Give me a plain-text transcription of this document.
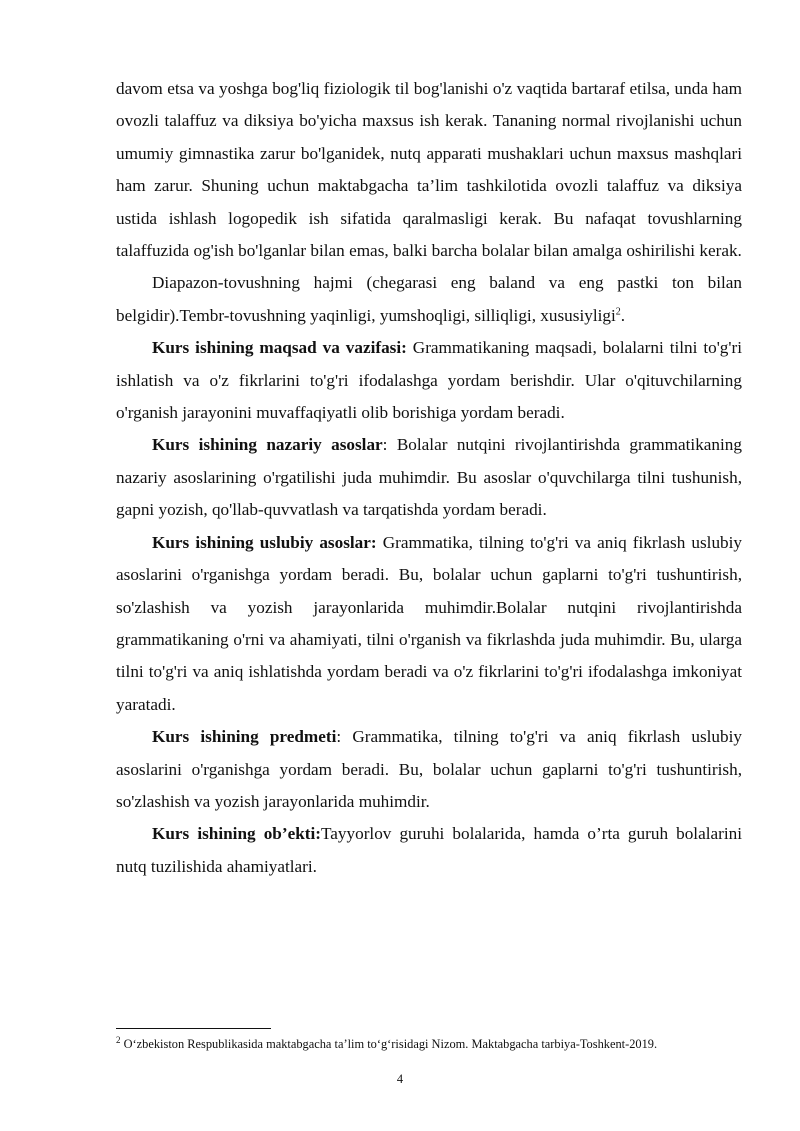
davom etsa va yoshga bog'liq fiziologik til bog'lanishi o'z vaqtida bartaraf etilsa, unda ham ovozli talaffuz va diksiya bo'yicha maxsus ish kerak. Tananing normal rivojlanishi uchun umumiy gimnastika zarur bo'lganidek, nutq apparati mushaklari uchun maxsus mashqlari ham zarur. Shuning uchun maktabgacha ta’lim tashkilotida ovozli talaffuz va diksiya ustida ishlash logopedik ish sifatida qaralmasligi kerak. Bu nafaqat tovushlarning talaffuzida og'ish bo'lganlar bilan emas, balki barcha bolalar bilan amalga oshirilishi kerak.

Diapazon-tovushning hajmi (chegarasi eng baland va eng pastki ton bilan belgidir).Tembr-tovushning yaqinligi, yumshoqligi, silliqligi, xususiyligi$^2$.

Kurs ishining maqsad va vazifasi: Grammatikaning maqsadi, bolalarni tilni to'g'ri ishlatish va o'z fikrlarini to'g'ri ifodalashga yordam berishdir. Ular o'qituvchilarning o'rganish jarayonini muvaffaqiyatli olib borishiga yordam beradi.

Kurs ishining nazariy asoslar: Bolalar nutqini rivojlantirishda grammatikaning nazariy asoslarining o'rgatilishi juda muhimdir. Bu asoslar o'quvchilarga tilni tushunish, gapni yozish, qo'llab-quvvatlash va tarqatishda yordam beradi.

Kurs ishining uslubiy asoslar: Grammatika, tilning to'g'ri va aniq fikrlash uslubiy asoslarini o'rganishga yordam beradi. Bu, bolalar uchun gaplarni to'g'ri tushuntirish, so'zlashish va yozish jarayonlarida muhimdir.Bolalar nutqini rivojlantirishda grammatikaning o'rni va ahamiyati, tilni o'rganish va fikrlashda juda muhimdir. Bu, ularga tilni to'g'ri va aniq ishlatishda yordam beradi va o'z fikrlarini to'g'ri ifodalashga imkoniyat yaratadi.

Kurs ishining predmeti: Grammatika, tilning to'g'ri va aniq fikrlash uslubiy asoslarini o'rganishga yordam beradi. Bu, bolalar uchun gaplarni to'g'ri tushuntirish, so'zlashish va yozish jarayonlarida muhimdir.

Kurs ishining ob’ekti:Tayyorlov guruhi bolalarida, hamda o’rta guruh bolalarini nutq tuzilishida ahamiyatlari.

$^2$ O‘zbekiston Respublikasida maktabgacha ta’lim to‘g‘risidagi Nizom. Maktabgacha tarbiya-Toshkent-2019.
4
